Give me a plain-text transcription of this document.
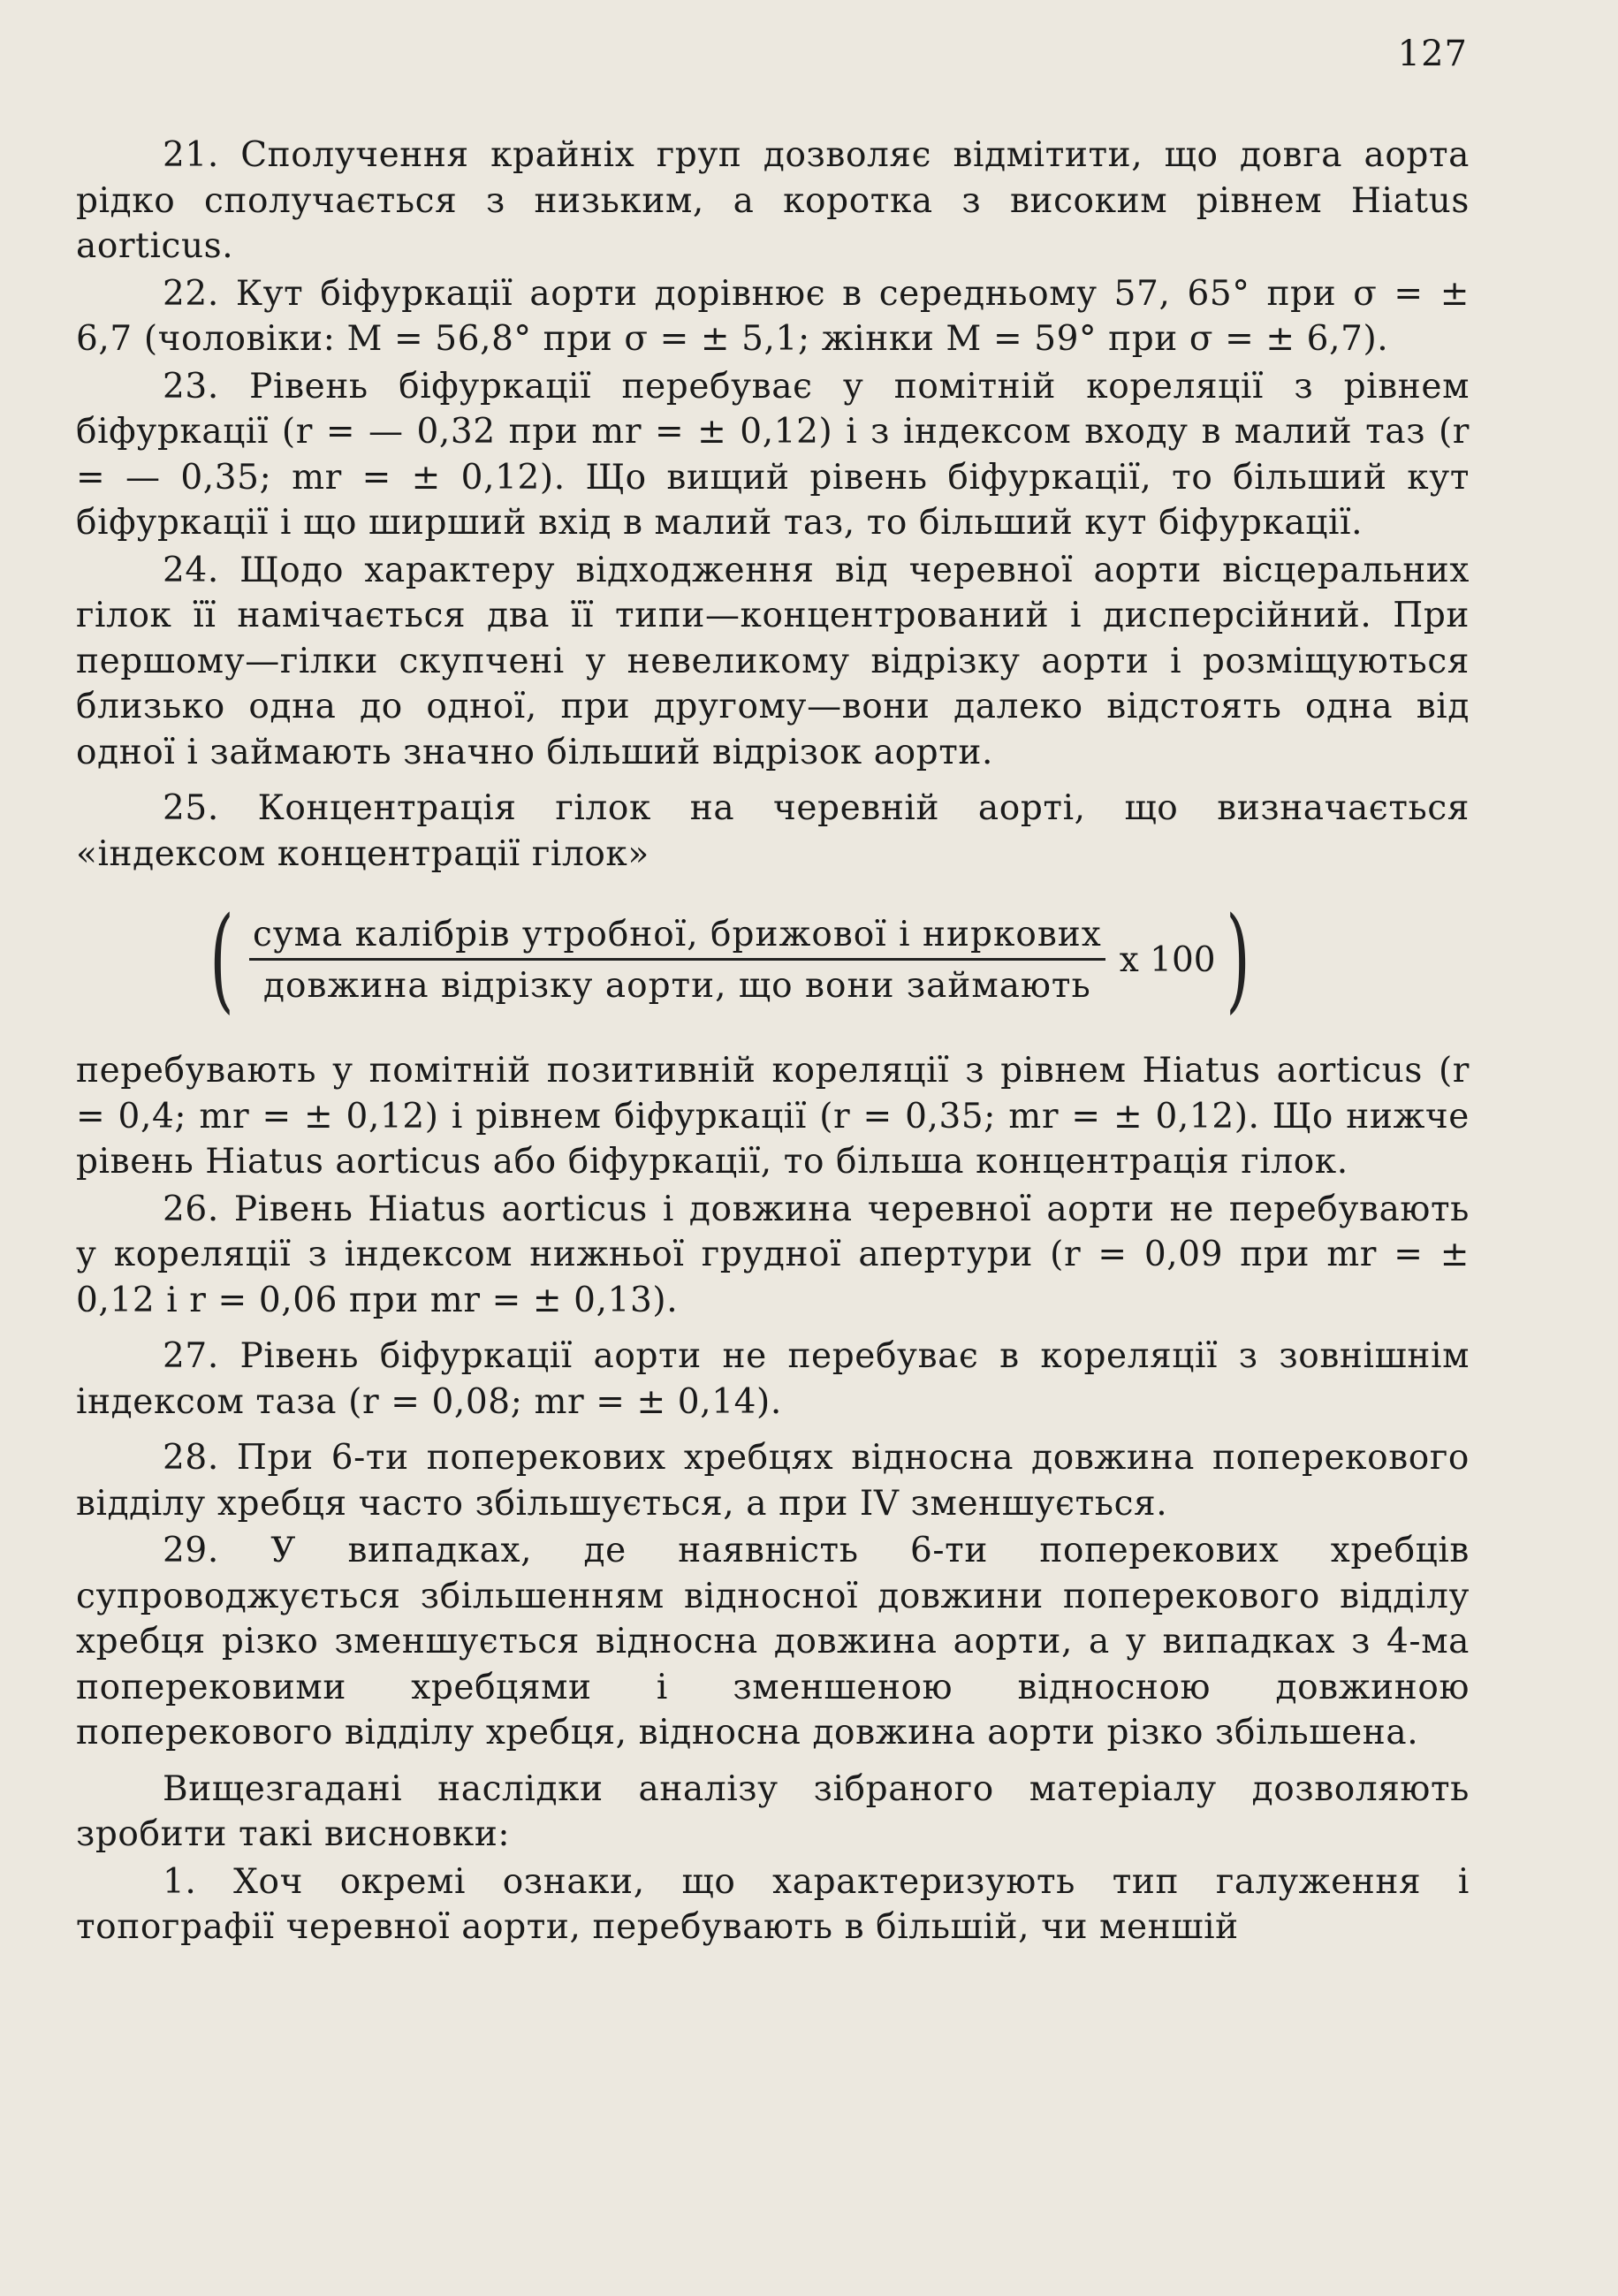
127

21. Сполучення крайніх груп дозволяє відмітити, що довга аорта рідко сполучається з низьким, а коротка з високим рівнем Hiatus aorticus.

22. Кут біфуркації аорти дорівнює в середньому 57, 65° при σ = ± 6,7 (чоловіки: M = 56,8° при σ = ± 5,1; жінки M = 59° при σ = ± 6,7).

23. Рівень біфуркації перебуває у помітній кореляції з рівнем біфуркації (r = — 0,32 при mr = ± 0,12) і з індексом входу в малий таз (r = — 0,35; mr = ± 0,12). Що вищий рівень біфуркації, то більший кут біфуркації і що ширший вхід в малий таз, то більший кут біфуркації.

24. Щодо характеру відходження від черевної аорти вісцеральних гілок її намічається два її типи—концентрований і дисперсійний. При першому—гілки скупчені у невеликому відрізку аорти і розміщуються близько одна до одної, при другому—вони далеко відстоять одна від одної і займають значно більший відрізок аорти.

25. Концентрація гілок на черевній аорті, що визначається «індексом концентрації гілок»

( $\frac{\text{сума калібрів утробної, брижової і ниркових}}{\text{довжина відрізку аорти, що вони займають}}$ x 100 )

перебувають у помітній позитивній кореляції з рівнем Hiatus aorticus (r = 0,4; mr = ± 0,12) і рівнем біфуркації (r = 0,35; mr = ± 0,12). Що нижче рівень Hiatus aorticus або біфуркації, то більша концентрація гілок.

26. Рівень Hiatus aorticus і довжина черевної аорти не перебувають у кореляції з індексом нижньої грудної апертури (r = 0,09 при mr = ± 0,12 і r = 0,06 при mr = ± 0,13).

27. Рівень біфуркації аорти не перебуває в кореляції з зовнішнім індексом таза (r = 0,08; mr = ± 0,14).

28. При 6-ти поперекових хребцях відносна довжина поперекового відділу хребця часто збільшується, а при IV зменшується.

29. У випадках, де наявність 6-ти поперекових хребців супроводжується збільшенням відносної довжини поперекового відділу хребця різко зменшується відносна довжина аорти, а у випадках з 4-ма поперековими хребцями і зменшеною відносною довжиною поперекового відділу хребця, відносна довжина аорти різко збільшена.

Вищезгадані наслідки аналізу зібраного матеріалу дозволяють зробити такі висновки:

1. Хоч окремі ознаки, що характеризують тип галуження і топографії черевної аорти, перебувають в більшій, чи меншій
